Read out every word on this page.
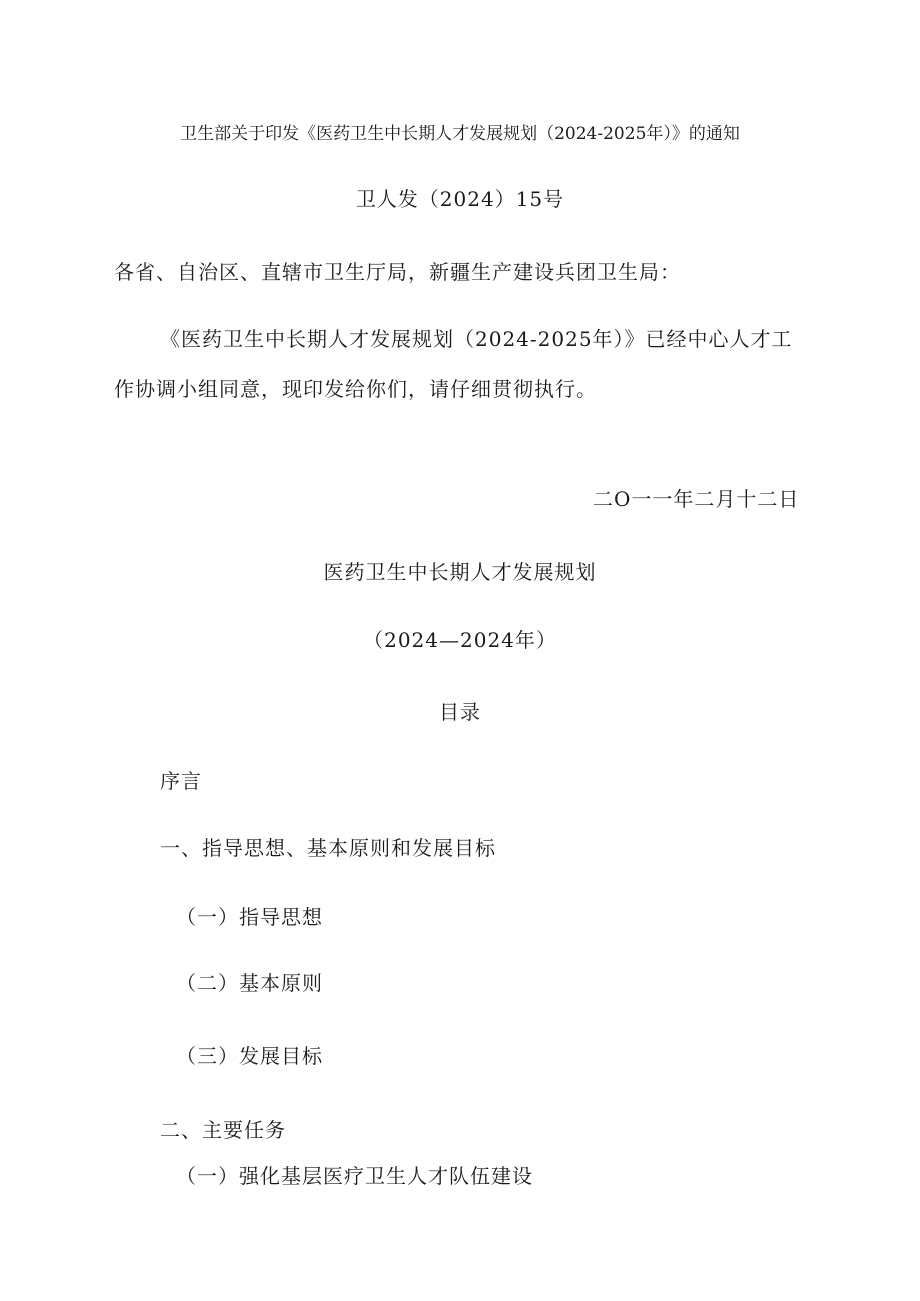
卫生部关于印发《医药卫生中长期人才发展规划（2024-2025年）》的通知

卫人发（2024）15号

各省、自治区、直辖市卫生厅局，新疆生产建设兵团卫生局：

《医药卫生中长期人才发展规划（2024-2025年）》已经中心人才工

作协调小组同意，现印发给你们，请仔细贯彻执行。

二O一一年二月十二日

医药卫生中长期人才发展规划

（2024—2024年）

目录

序言

一、指导思想、基本原则和发展目标

（一）指导思想

（二）基本原则

（三）发展目标

二、主要任务

（一）强化基层医疗卫生人才队伍建设
